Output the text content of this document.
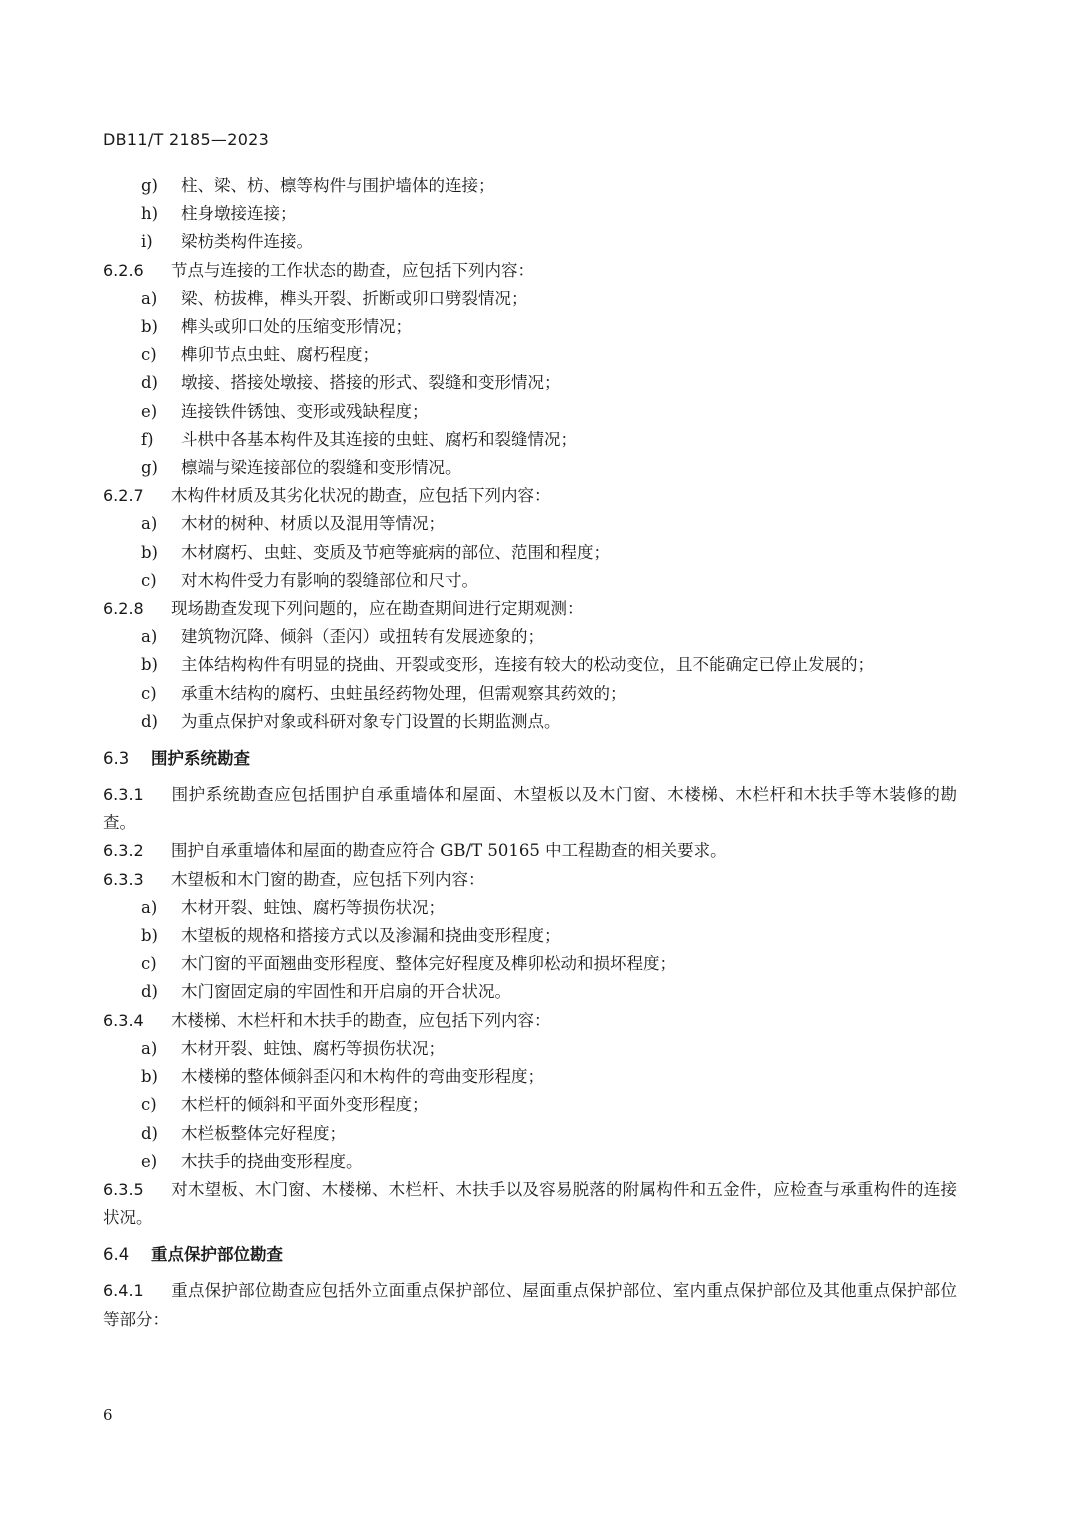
DB11/T 2185—2023
g) 柱、梁、枋、檩等构件与围护墙体的连接；
h) 柱身墩接连接；
i) 梁枋类构件连接。
6.2.6 节点与连接的工作状态的勘查，应包括下列内容：
a) 梁、枋拔榫，榫头开裂、折断或卯口劈裂情况；
b) 榫头或卯口处的压缩变形情况；
c) 榫卯节点虫蛀、腐朽程度；
d) 墩接、搭接处墩接、搭接的形式、裂缝和变形情况；
e) 连接铁件锈蚀、变形或残缺程度；
f) 斗栱中各基本构件及其连接的虫蛀、腐朽和裂缝情况；
g) 檩端与梁连接部位的裂缝和变形情况。
6.2.7 木构件材质及其劣化状况的勘查，应包括下列内容：
a) 木材的树种、材质以及混用等情况；
b) 木材腐朽、虫蛀、变质及节疤等疵病的部位、范围和程度；
c) 对木构件受力有影响的裂缝部位和尺寸。
6.2.8 现场勘查发现下列问题的，应在勘查期间进行定期观测：
a) 建筑物沉降、倾斜（歪闪）或扭转有发展迹象的；
b) 主体结构构件有明显的挠曲、开裂或变形，连接有较大的松动变位，且不能确定已停止发展的；
c) 承重木结构的腐朽、虫蛀虽经药物处理，但需观察其药效的；
d) 为重点保护对象或科研对象专门设置的长期监测点。
6.3 围护系统勘查
6.3.1 围护系统勘查应包括围护自承重墙体和屋面、木望板以及木门窗、木楼梯、木栏杆和木扶手等木装修的勘查。
6.3.2 围护自承重墙体和屋面的勘查应符合 GB/T 50165 中工程勘查的相关要求。
6.3.3 木望板和木门窗的勘查，应包括下列内容：
a) 木材开裂、蛀蚀、腐朽等损伤状况；
b) 木望板的规格和搭接方式以及渗漏和挠曲变形程度；
c) 木门窗的平面翘曲变形程度、整体完好程度及榫卯松动和损坏程度；
d) 木门窗固定扇的牢固性和开启扇的开合状况。
6.3.4 木楼梯、木栏杆和木扶手的勘查，应包括下列内容：
a) 木材开裂、蛀蚀、腐朽等损伤状况；
b) 木楼梯的整体倾斜歪闪和木构件的弯曲变形程度；
c) 木栏杆的倾斜和平面外变形程度；
d) 木栏板整体完好程度；
e) 木扶手的挠曲变形程度。
6.3.5 对木望板、木门窗、木楼梯、木栏杆、木扶手以及容易脱落的附属构件和五金件，应检查与承重构件的连接状况。
6.4 重点保护部位勘查
6.4.1 重点保护部位勘查应包括外立面重点保护部位、屋面重点保护部位、室内重点保护部位及其他重点保护部位等部分：
6
